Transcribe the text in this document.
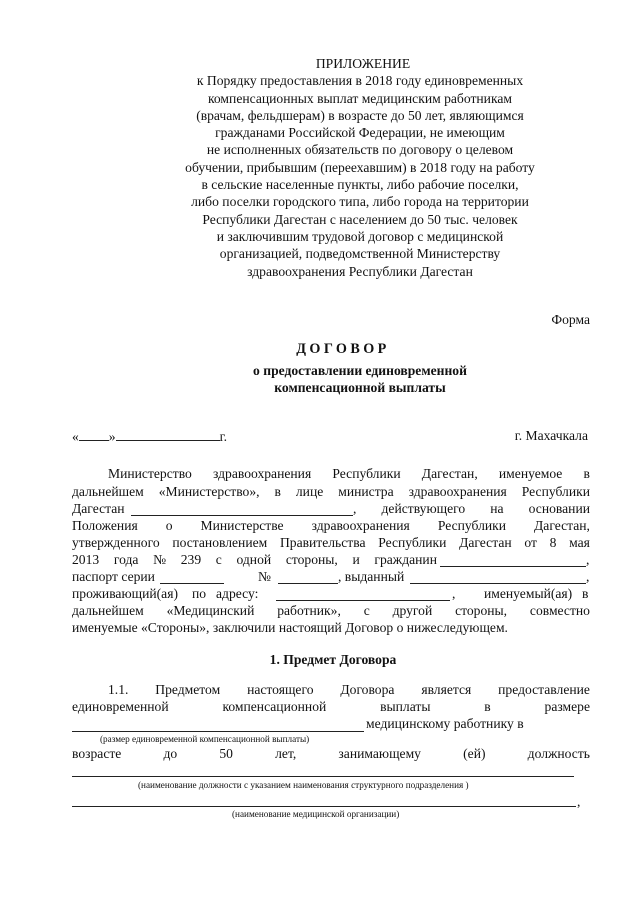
ПРИЛОЖЕНИЕ
к Порядку предоставления в 2018 году единовременных
компенсационных выплат медицинским работникам
(врачам, фельдшерам) в возрасте до 50 лет, являющимся
гражданами Российской Федерации, не имеющим
не исполненных обязательств по договору о целевом
обучении, прибывшим (переехавшим) в 2018 году на работу
в сельские населенные пункты, либо рабочие поселки,
либо поселки городского типа, либо города на территории
Республики Дагестан с населением до 50 тыс. человек
и заключившим трудовой договор с медицинской
организацией, подведомственной Министерству
здравоохранения Республики Дагестан
Форма
ДОГОВОР
о предоставлении единовременной
компенсационной выплаты
« »	г.	г. Махачкала
Министерство здравоохранения Республики Дагестан, именуемое в
дальнейшем «Министерство», в лице министра здравоохранения Республики
Дагестан	, действующего на основании
Положения о Министерстве здравоохранения Республики Дагестан,
утвержденного постановлением Правительства Республики Дагестан от 8 мая
2013 года № 239 с одной стороны, и гражданин	,
паспорт серии	№	, выданный	,
проживающий(ая) по адресу:	, именуемый(ая) в
дальнейшем «Медицинский работник», с другой стороны, совместно
именуемые «Стороны», заключили настоящий Договор о нижеследующем.
1. Предмет Договора
1.1. Предметом настоящего Договора является предоставление
единовременной	компенсационной	выплаты	в	размере
медицинскому работнику в
(размер единовременной компенсационной выплаты)
возрасте	до	50	лет,	занимающему	(ей)	должность
(наименование должности с указанием наименования структурного подразделения )
,
(наименование медицинской организации)
